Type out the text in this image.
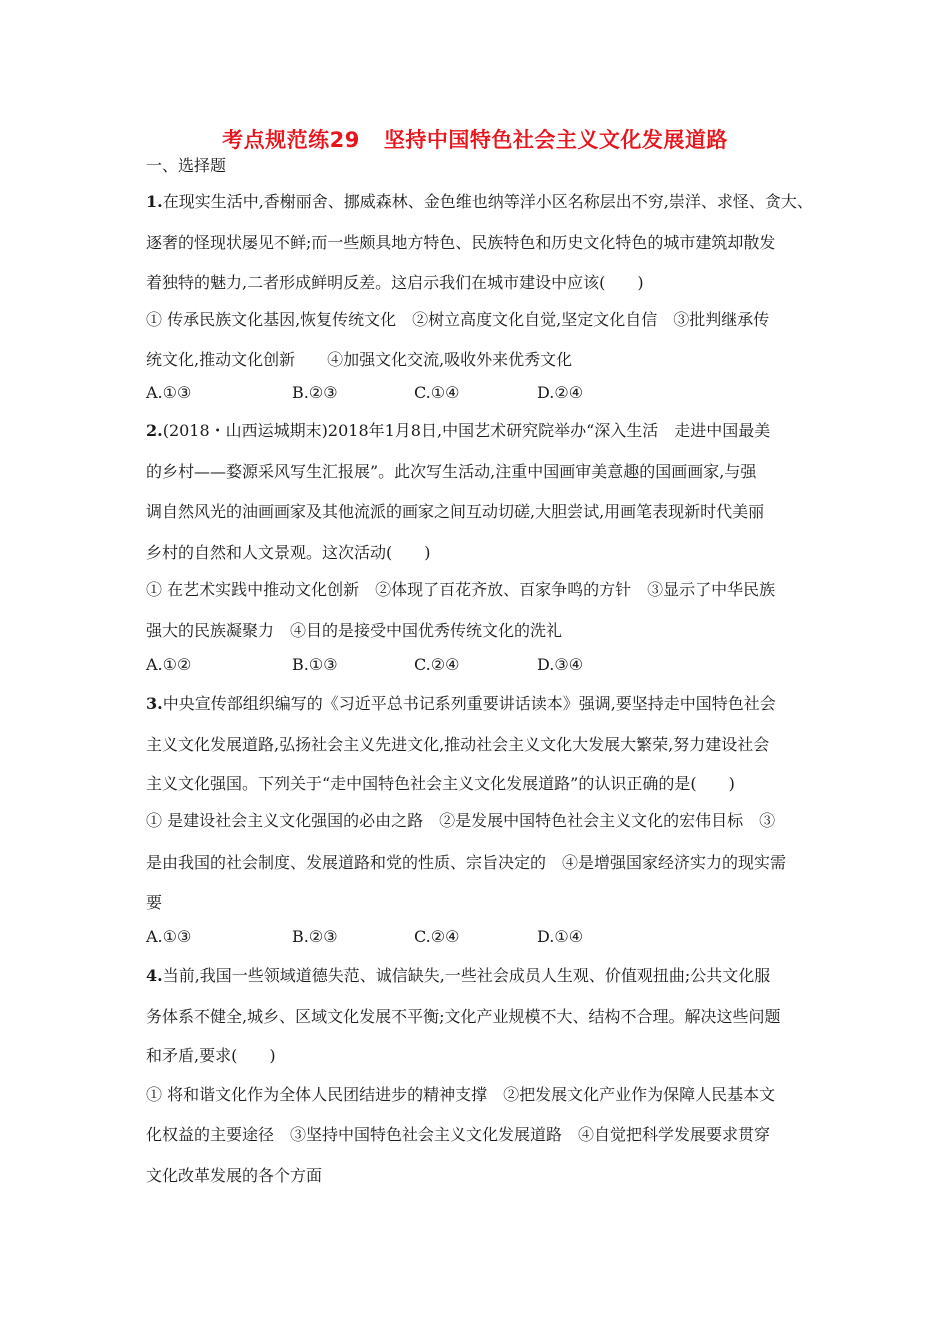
考点规范练29 坚持中国特色社会主义文化发展道路
一、选择题
1.在现实生活中,香榭丽舍、挪威森林、金色维也纳等洋小区名称层出不穷,崇洋、求怪、贪大、
逐奢的怪现状屡见不鲜;而一些颇具地方特色、民族特色和历史文化特色的城市建筑却散发
着独特的魅力,二者形成鲜明反差。这启示我们在城市建设中应该(　　)
① 传承民族文化基因,恢复传统文化　②树立高度文化自觉,坚定文化自信　③批判继承传
统文化,推动文化创新　　④加强文化交流,吸收外来优秀文化
A.①③	B.②③	C.①④	D.②④
2.(2018・山西运城期末)2018年1月8日,中国艺术研究院举办“深入生活　走进中国最美
的乡村——婺源采风写生汇报展”。此次写生活动,注重中国画审美意趣的国画画家,与强
调自然风光的油画画家及其他流派的画家之间互动切磋,大胆尝试,用画笔表现新时代美丽
乡村的自然和人文景观。这次活动(　　)
① 在艺术实践中推动文化创新　②体现了百花齐放、百家争鸣的方针　③显示了中华民族
强大的民族凝聚力　④目的是接受中国优秀传统文化的洗礼
A.①②	B.①③	C.②④	D.③④
3.中央宣传部组织编写的《习近平总书记系列重要讲话读本》强调,要坚持走中国特色社会
主义文化发展道路,弘扬社会主义先进文化,推动社会主义文化大发展大繁荣,努力建设社会
主义文化强国。下列关于“走中国特色社会主义文化发展道路”的认识正确的是(　　)
① 是建设社会主义文化强国的必由之路　②是发展中国特色社会主义文化的宏伟目标　③
是由我国的社会制度、发展道路和党的性质、宗旨决定的　④是增强国家经济实力的现实需
要
A.①③	B.②③	C.②④	D.①④
4.当前,我国一些领域道德失范、诚信缺失,一些社会成员人生观、价值观扭曲;公共文化服
务体系不健全,城乡、区域文化发展不平衡;文化产业规模不大、结构不合理。解决这些问题
和矛盾,要求(　　)
① 将和谐文化作为全体人民团结进步的精神支撑　②把发展文化产业作为保障人民基本文
化权益的主要途径　③坚持中国特色社会主义文化发展道路　④自觉把科学发展要求贯穿
文化改革发展的各个方面
